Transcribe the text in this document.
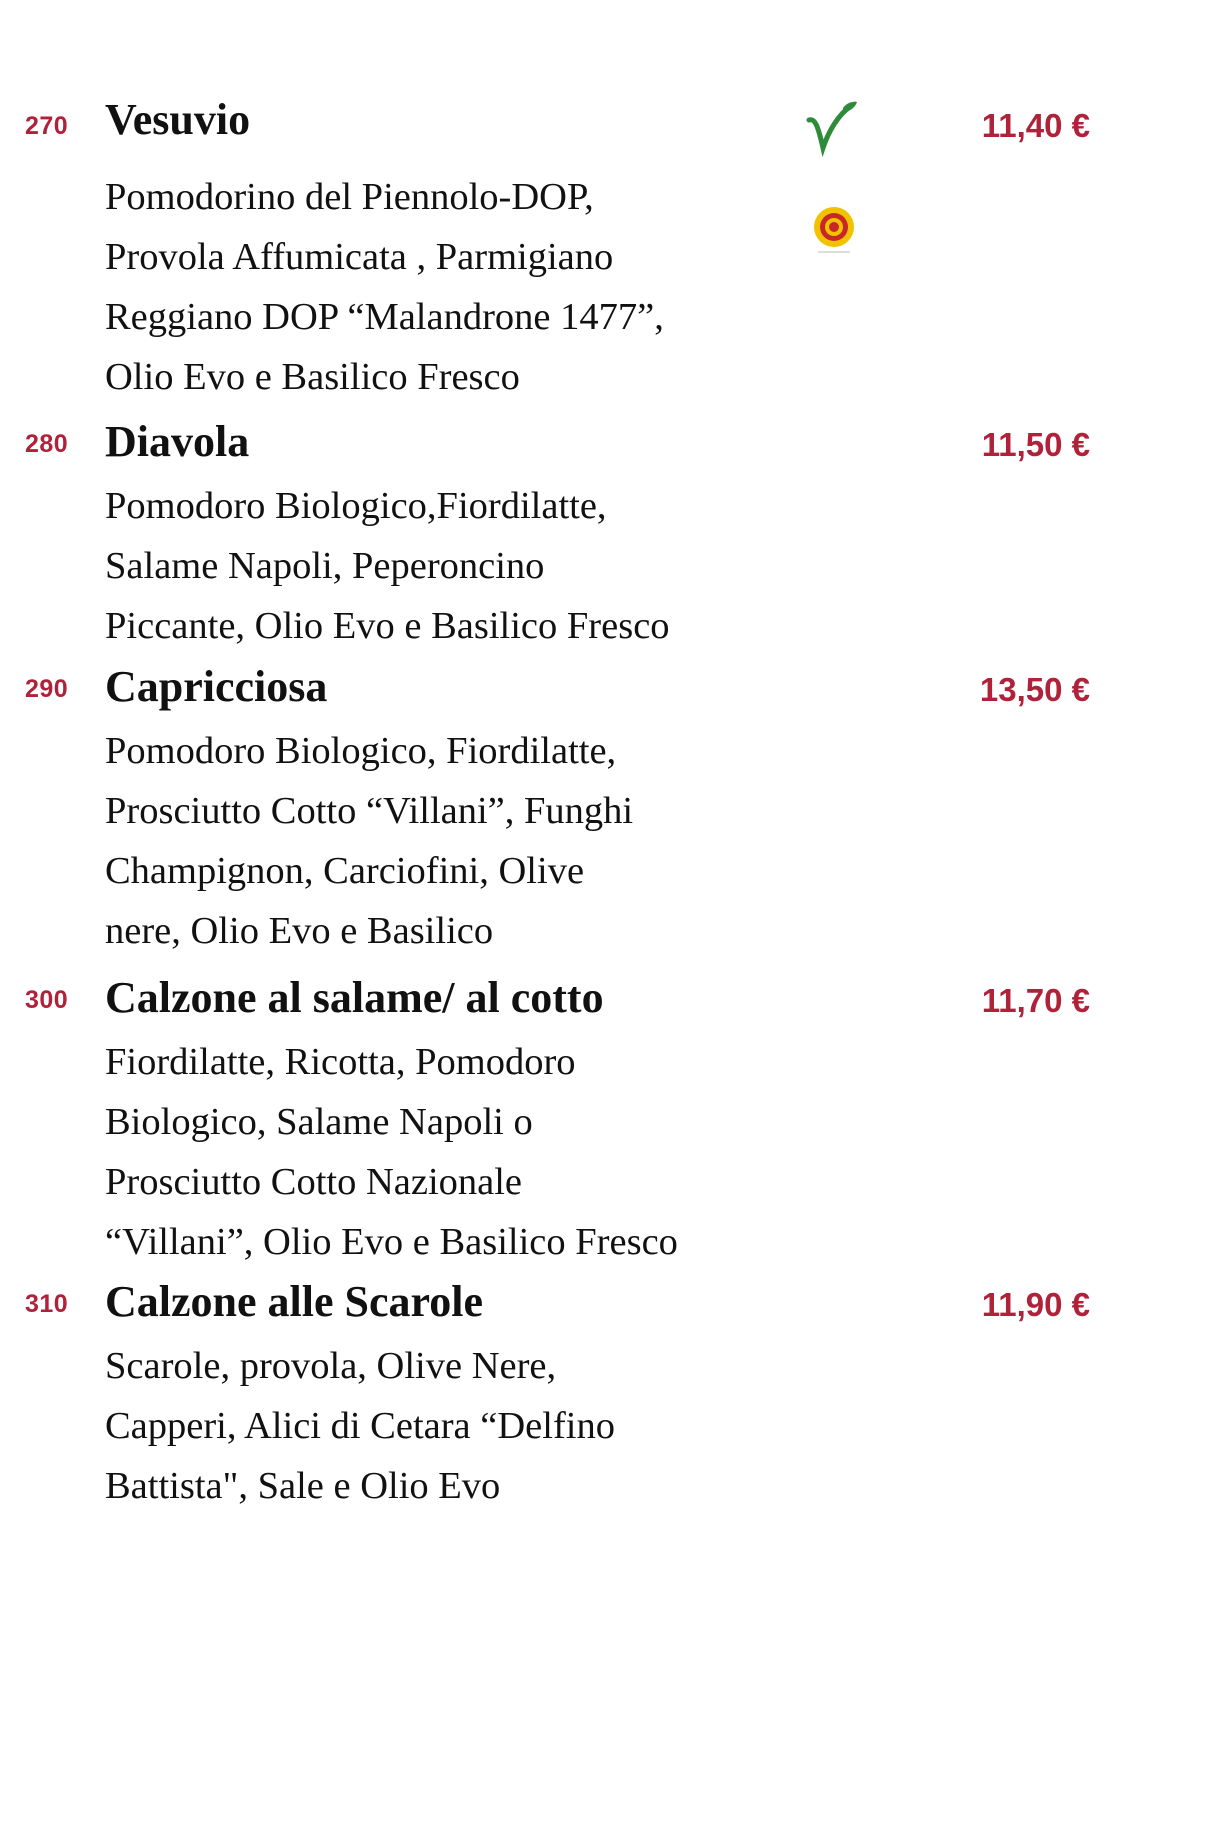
270 Vesuvio	11,40 €
Pomodorino del Piennolo-DOP,
Provola Affumicata , Parmigiano
Reggiano DOP “Malandrone 1477”,
Olio Evo e Basilico Fresco
280 Diavola	11,50 €
Pomodoro Biologico,Fiordilatte,
Salame Napoli, Peperoncino
Piccante, Olio Evo e Basilico Fresco
290 Capricciosa	13,50 €
Pomodoro Biologico, Fiordilatte,
Prosciutto Cotto “Villani”, Funghi
Champignon, Carciofini, Olive
nere, Olio Evo e Basilico
300 Calzone al salame/ al cotto	11,70 €
Fiordilatte, Ricotta, Pomodoro
Biologico, Salame Napoli o
Prosciutto Cotto Nazionale
“Villani”, Olio Evo e Basilico Fresco
310 Calzone alle Scarole	11,90 €
Scarole, provola, Olive Nere,
Capperi, Alici di Cetara “Delfino
Battista", Sale e Olio Evo
